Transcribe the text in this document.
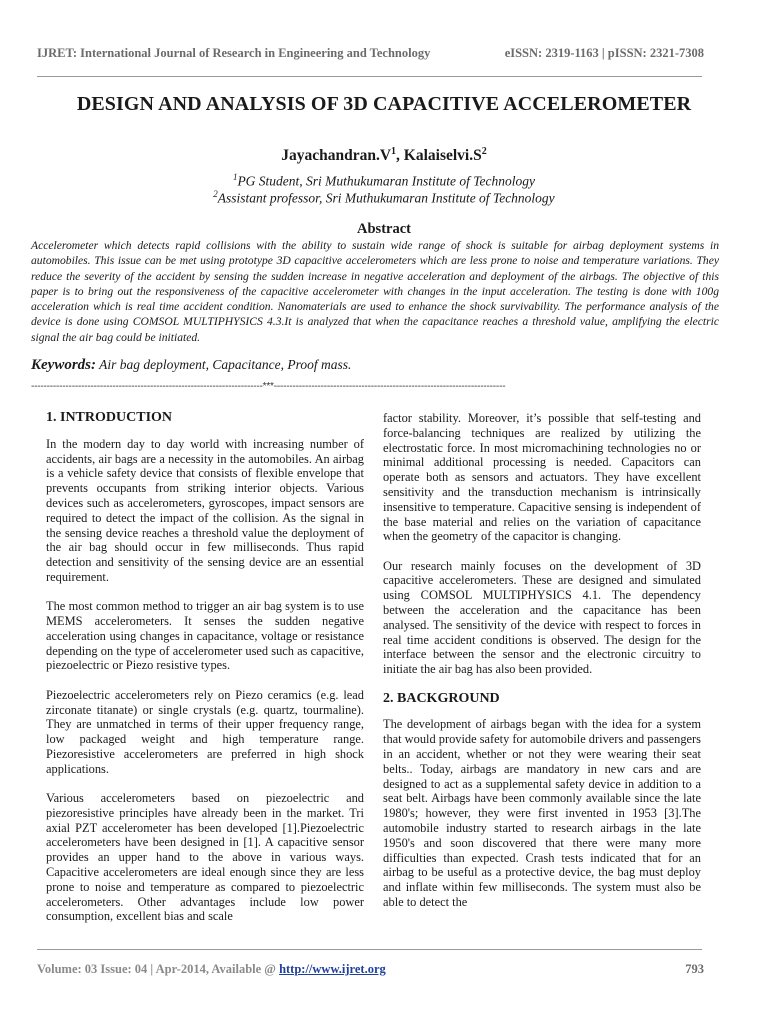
IJRET: International Journal of Research in Engineering and Technology	eISSN: 2319-1163 | pISSN: 2321-7308
DESIGN AND ANALYSIS OF 3D CAPACITIVE ACCELEROMETER
$Jayachandran.V^1$, $Kalaiselvi.S^2$
$^1$PG Student, Sri Muthukumaran Institute of Technology
$^2$Assistant professor, Sri Muthukumaran Institute of Technology
Abstract
Accelerometer which detects rapid collisions with the ability to sustain wide range of shock is suitable for airbag deployment systems in automobiles. This issue can be met using prototype 3D capacitive accelerometers which are less prone to noise and temperature variations. They reduce the severity of the accident by sensing the sudden increase in negative acceleration and deployment of the airbags. The objective of this paper is to bring out the responsiveness of the capacitive accelerometer with changes in the input acceleration. The testing is done with 100g acceleration which is real time accident condition. Nanomaterials are used to enhance the shock survivability. The performance analysis of the device is done using COMSOL MULTIPHYSICS 4.3.It is analyzed that when the capacitance reaches a threshold value, amplifying the electric signal the air bag could be initiated.
Keywords: Air bag deployment, Capacitance, Proof mass.
--------------------------------------------------------------------------***--------------------------------------------------------------------------
1. INTRODUCTION

In the modern day to day world with increasing number of accidents, air bags are a necessity in the automobiles. An airbag is a vehicle safety device that consists of flexible envelope that prevents occupants from striking interior objects. Various devices such as accelerometers, gyroscopes, impact sensors are required to detect the impact of the collision. As the signal in the sensing device reaches a threshold value the deployment of the air bag should occur in few milliseconds. Thus rapid detection and sensitivity of the sensing device are an essential requirement.

The most common method to trigger an air bag system is to use MEMS accelerometers. It senses the sudden negative acceleration using changes in capacitance, voltage or resistance depending on the type of accelerometer used such as capacitive, piezoelectric or Piezo resistive types.

Piezoelectric accelerometers rely on Piezo ceramics (e.g. lead zirconate titanate) or single crystals (e.g. quartz, tourmaline). They are unmatched in terms of their upper frequency range, low packaged weight and high temperature range. Piezoresistive accelerometers are preferred in high shock applications.

Various accelerometers based on piezoelectric and piezoresistive principles have already been in the market. Tri axial PZT accelerometer has been developed [1].Piezoelectric accelerometers have been designed in [1]. A capacitive sensor provides an upper hand to the above in various ways. Capacitive accelerometers are ideal enough since they are less prone to noise and temperature as compared to piezoelectric accelerometers. Other advantages include low power consumption, excellent bias and scale

factor stability. Moreover, it’s possible that self-testing and force-balancing techniques are realized by utilizing the electrostatic force. In most micromachining technologies no or minimal additional processing is needed. Capacitors can operate both as sensors and actuators. They have excellent sensitivity and the transduction mechanism is intrinsically insensitive to temperature. Capacitive sensing is independent of the base material and relies on the variation of capacitance when the geometry of the capacitor is changing.

Our research mainly focuses on the development of 3D capacitive accelerometers. These are designed and simulated using COMSOL MULTIPHYSICS 4.1. The dependency between the acceleration and the capacitance has been analysed. The sensitivity of the device with respect to forces in real time accident conditions is observed. The design for the interface between the sensor and the electronic circuitry to initiate the air bag has also been provided.

2. BACKGROUND

The development of airbags began with the idea for a system that would provide safety for automobile drivers and passengers in an accident, whether or not they were wearing their seat belts.. Today, airbags are mandatory in new cars and are designed to act as a supplemental safety device in addition to a seat belt. Airbags have been commonly available since the late 1980's; however, they were first invented in 1953 [3].The automobile industry started to research airbags in the late 1950's and soon discovered that there were many more difficulties than expected. Crash tests indicated that for an airbag to be useful as a protective device, the bag must deploy and inflate within few milliseconds. The system must also be able to detect the

Volume: 03 Issue: 04 | Apr-2014, Available @ http://www.ijret.org	793
